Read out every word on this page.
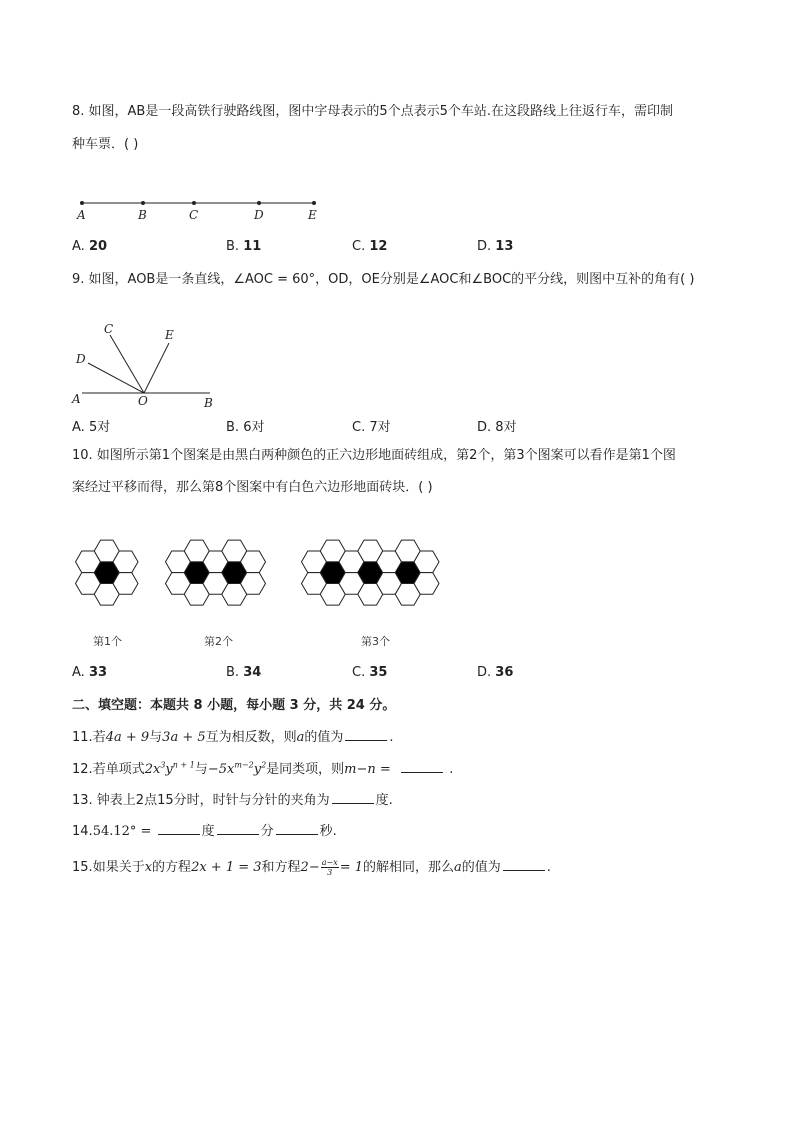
8. 如图，AB是一段高铁行驶路线图，图中字母表示的5个点表示5个车站.在这段路线上往返行车，需印制
种车票．( )
A	B	C	D	E
A. 20	B. 11	C. 12	D. 13
9. 如图，AOB是一条直线，∠AOC = 60°，OD，OE分别是∠AOC和∠BOC的平分线，则图中互补的角有( )
C	E
D
A	O	B
A. 5对	B. 6对	C. 7对	D. 8对
10. 如图所示第1个图案是由黑白两种颜色的正六边形地面砖组成，第2个，第3个图案可以看作是第1个图
案经过平移而得，那么第8个图案中有白色六边形地面砖块．( )
第1个	第2个	第3个
A. 33	B. 34	C. 35	D. 36
二、填空题：本题共 8 小题，每小题 3 分，共 24 分。
11.若4a + 9与3a + 5互为相反数，则a的值为	.
12.若单项式$2x^3y^{n + 1}$与$-5x^{m-2}y^2$是同类项，则m−n =	.
13. 钟表上2点15分时，时针与分针的夹角为	度.
14.54.12° =	度	分	秒.
15.如果关于x的方程2x + 1 = 3和方程$2- \frac{a-x}{3} = 1$的解相同，那么a的值为	.
